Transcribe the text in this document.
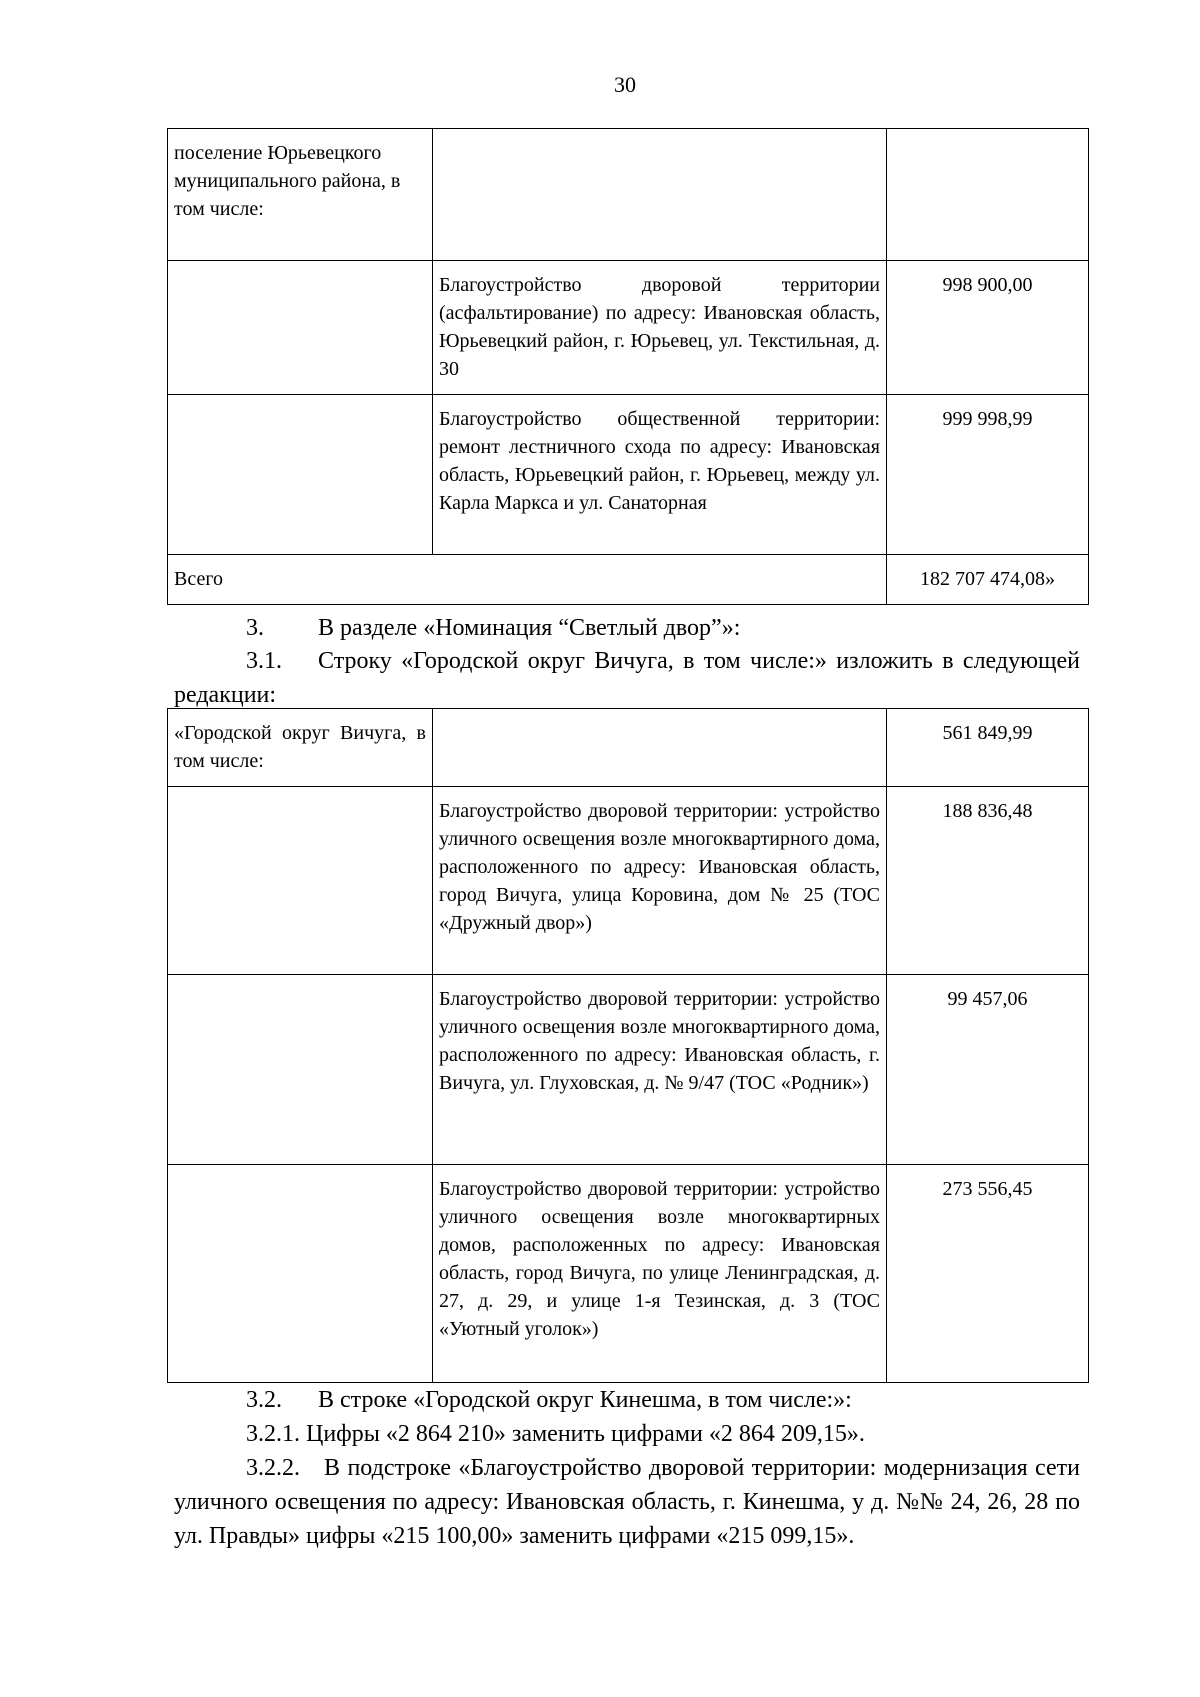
30
поселение Юрьевецкого муниципального района, в том числе:		
	Благоустройство дворовой территории (асфальтирование) по адресу: Ивановская область, Юрьевецкий район, г. Юрьевец, ул. Текстильная, д. 30	998 900,00
	Благоустройство общественной территории: ремонт лестничного схода по адресу: Ивановская область, Юрьевецкий район, г. Юрьевец, между ул. Карла Маркса и ул. Санаторная	999 998,99
Всего		182 707 474,08»
3. В разделе «Номинация “Светлый двор”»:
3.1. Строку «Городской округ Вичуга, в том числе:» изложить в следующей редакции:
«Городской округ Вичуга, в том числе:		561 849,99
	Благоустройство дворовой территории: устройство уличного освещения возле многоквартирного дома, расположенного по адресу: Ивановская область, город Вичуга, улица Коровина, дом № 25 (ТОС «Дружный двор»)	188 836,48
	Благоустройство дворовой территории: устройство уличного освещения возле многоквартирного дома, расположенного по адресу: Ивановская область, г. Вичуга, ул. Глуховская, д. № 9/47 (ТОС «Родник»)	99 457,06
	Благоустройство дворовой территории: устройство уличного освещения возле многоквартирных домов, расположенных по адресу: Ивановская область, город Вичуга, по улице Ленинградская, д. 27, д. 29, и улице 1-я Тезинская, д. 3 (ТОС «Уютный уголок»)	273 556,45
3.2. В строке «Городской округ Кинешма, в том числе:»:
3.2.1. Цифры «2 864 210» заменить цифрами «2 864 209,15».
3.2.2. В подстроке «Благоустройство дворовой территории: модернизация сети уличного освещения по адресу: Ивановская область, г. Кинешма, у д. №№ 24, 26, 28 по ул. Правды» цифры «215 100,00» заменить цифрами «215 099,15».
